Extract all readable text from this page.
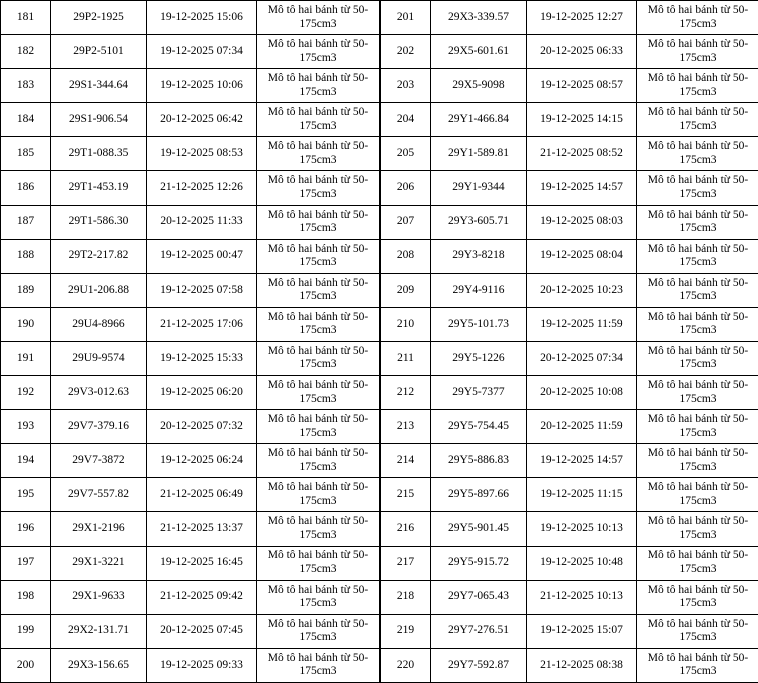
181	29P2-1925	19-12-2025 15:06	Mô tô hai bánh từ 50-175cm3
182	29P2-5101	19-12-2025 07:34	Mô tô hai bánh từ 50-175cm3
183	29S1-344.64	19-12-2025 10:06	Mô tô hai bánh từ 50-175cm3
184	29S1-906.54	20-12-2025 06:42	Mô tô hai bánh từ 50-175cm3
185	29T1-088.35	19-12-2025 08:53	Mô tô hai bánh từ 50-175cm3
186	29T1-453.19	21-12-2025 12:26	Mô tô hai bánh từ 50-175cm3
187	29T1-586.30	20-12-2025 11:33	Mô tô hai bánh từ 50-175cm3
188	29T2-217.82	19-12-2025 00:47	Mô tô hai bánh từ 50-175cm3
189	29U1-206.88	19-12-2025 07:58	Mô tô hai bánh từ 50-175cm3
190	29U4-8966	21-12-2025 17:06	Mô tô hai bánh từ 50-175cm3
191	29U9-9574	19-12-2025 15:33	Mô tô hai bánh từ 50-175cm3
192	29V3-012.63	19-12-2025 06:20	Mô tô hai bánh từ 50-175cm3
193	29V7-379.16	20-12-2025 07:32	Mô tô hai bánh từ 50-175cm3
194	29V7-3872	19-12-2025 06:24	Mô tô hai bánh từ 50-175cm3
195	29V7-557.82	21-12-2025 06:49	Mô tô hai bánh từ 50-175cm3
196	29X1-2196	21-12-2025 13:37	Mô tô hai bánh từ 50-175cm3
197	29X1-3221	19-12-2025 16:45	Mô tô hai bánh từ 50-175cm3
198	29X1-9633	21-12-2025 09:42	Mô tô hai bánh từ 50-175cm3
199	29X2-131.71	20-12-2025 07:45	Mô tô hai bánh từ 50-175cm3
200	29X3-156.65	19-12-2025 09:33	Mô tô hai bánh từ 50-175cm3
201	29X3-339.57	19-12-2025 12:27	Mô tô hai bánh từ 50-175cm3
202	29X5-601.61	20-12-2025 06:33	Mô tô hai bánh từ 50-175cm3
203	29X5-9098	19-12-2025 08:57	Mô tô hai bánh từ 50-175cm3
204	29Y1-466.84	19-12-2025 14:15	Mô tô hai bánh từ 50-175cm3
205	29Y1-589.81	21-12-2025 08:52	Mô tô hai bánh từ 50-175cm3
206	29Y1-9344	19-12-2025 14:57	Mô tô hai bánh từ 50-175cm3
207	29Y3-605.71	19-12-2025 08:03	Mô tô hai bánh từ 50-175cm3
208	29Y3-8218	19-12-2025 08:04	Mô tô hai bánh từ 50-175cm3
209	29Y4-9116	20-12-2025 10:23	Mô tô hai bánh từ 50-175cm3
210	29Y5-101.73	19-12-2025 11:59	Mô tô hai bánh từ 50-175cm3
211	29Y5-1226	20-12-2025 07:34	Mô tô hai bánh từ 50-175cm3
212	29Y5-7377	20-12-2025 10:08	Mô tô hai bánh từ 50-175cm3
213	29Y5-754.45	20-12-2025 11:59	Mô tô hai bánh từ 50-175cm3
214	29Y5-886.83	19-12-2025 14:57	Mô tô hai bánh từ 50-175cm3
215	29Y5-897.66	19-12-2025 11:15	Mô tô hai bánh từ 50-175cm3
216	29Y5-901.45	19-12-2025 10:13	Mô tô hai bánh từ 50-175cm3
217	29Y5-915.72	19-12-2025 10:48	Mô tô hai bánh từ 50-175cm3
218	29Y7-065.43	21-12-2025 10:13	Mô tô hai bánh từ 50-175cm3
219	29Y7-276.51	19-12-2025 15:07	Mô tô hai bánh từ 50-175cm3
220	29Y7-592.87	21-12-2025 08:38	Mô tô hai bánh từ 50-175cm3
